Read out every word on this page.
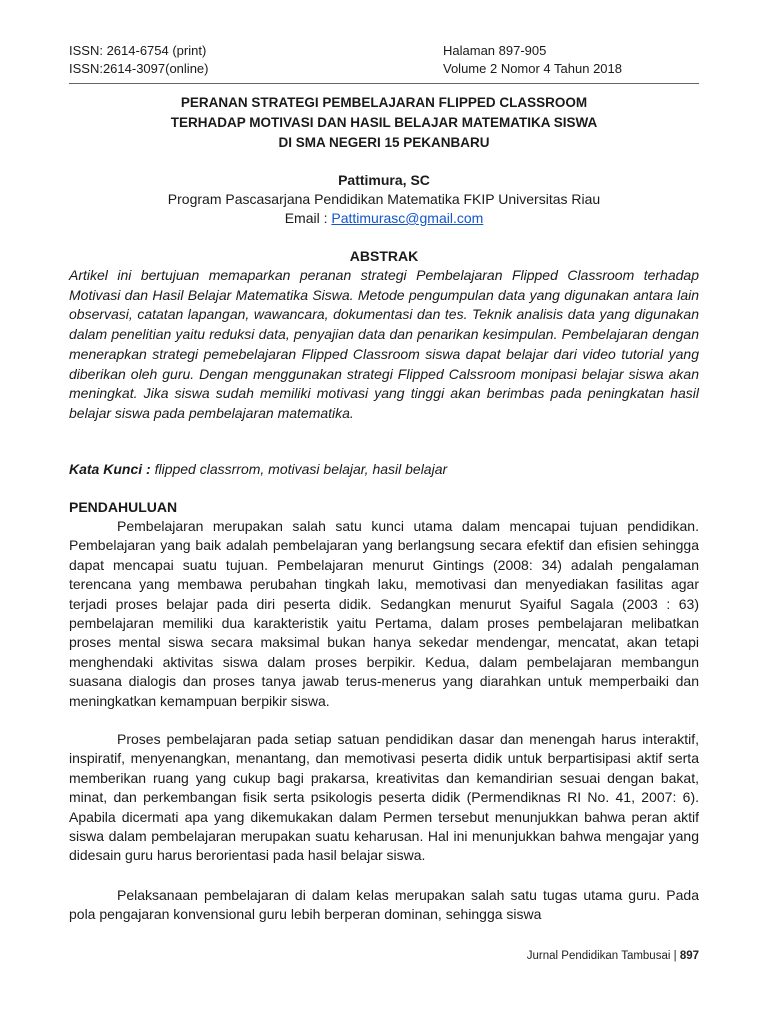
ISSN: 2614-6754 (print)
ISSN:2614-3097(online)
Halaman 897-905
Volume 2 Nomor 4 Tahun 2018
PERANAN STRATEGI PEMBELAJARAN FLIPPED CLASSROOM
TERHADAP MOTIVASI DAN HASIL BELAJAR MATEMATIKA SISWA
DI SMA NEGERI 15 PEKANBARU
Pattimura, SC
Program Pascasarjana Pendidikan Matematika FKIP Universitas Riau
Email : Pattimurasc@gmail.com
ABSTRAK
Artikel ini bertujuan memaparkan peranan strategi Pembelajaran Flipped Classroom terhadap Motivasi dan Hasil Belajar Matematika Siswa. Metode pengumpulan data yang digunakan antara lain observasi, catatan lapangan, wawancara, dokumentasi dan tes. Teknik analisis data yang digunakan dalam penelitian yaitu reduksi data, penyajian data dan penarikan kesimpulan. Pembelajaran dengan menerapkan strategi pemebelajaran Flipped Classroom siswa dapat belajar dari video tutorial yang diberikan oleh guru. Dengan menggunakan strategi Flipped Calssroom monipasi belajar siswa akan meningkat. Jika siswa sudah memiliki motivasi yang tinggi akan berimbas pada peningkatan hasil belajar siswa pada pembelajaran matematika.
Kata Kunci : flipped classrrom, motivasi belajar, hasil belajar
PENDAHULUAN

Pembelajaran merupakan salah satu kunci utama dalam mencapai tujuan pendidikan. Pembelajaran yang baik adalah pembelajaran yang berlangsung secara efektif dan efisien sehingga dapat mencapai suatu tujuan. Pembelajaran menurut Gintings (2008: 34) adalah pengalaman terencana yang membawa perubahan tingkah laku, memotivasi dan menyediakan fasilitas agar terjadi proses belajar pada diri peserta didik. Sedangkan menurut Syaiful Sagala (2003 : 63) pembelajaran memiliki dua karakteristik yaitu Pertama, dalam proses pembelajaran melibatkan proses mental siswa secara maksimal bukan hanya sekedar mendengar, mencatat, akan tetapi menghendaki aktivitas siswa dalam proses berpikir. Kedua, dalam pembelajaran membangun suasana dialogis dan proses tanya jawab terus-menerus yang diarahkan untuk memperbaiki dan meningkatkan kemampuan berpikir siswa.

Proses pembelajaran pada setiap satuan pendidikan dasar dan menengah harus interaktif, inspiratif, menyenangkan, menantang, dan memotivasi peserta didik untuk berpartisipasi aktif serta memberikan ruang yang cukup bagi prakarsa, kreativitas dan kemandirian sesuai dengan bakat, minat, dan perkembangan fisik serta psikologis peserta didik (Permendiknas RI No. 41, 2007: 6). Apabila dicermati apa yang dikemukakan dalam Permen tersebut menunjukkan bahwa peran aktif siswa dalam pembelajaran merupakan suatu keharusan. Hal ini menunjukkan bahwa mengajar yang didesain guru harus berorientasi pada hasil belajar siswa.

Pelaksanaan pembelajaran di dalam kelas merupakan salah satu tugas utama guru. Pada pola pengajaran konvensional guru lebih berperan dominan, sehingga siswa

Jurnal Pendidikan Tambusai | 897
